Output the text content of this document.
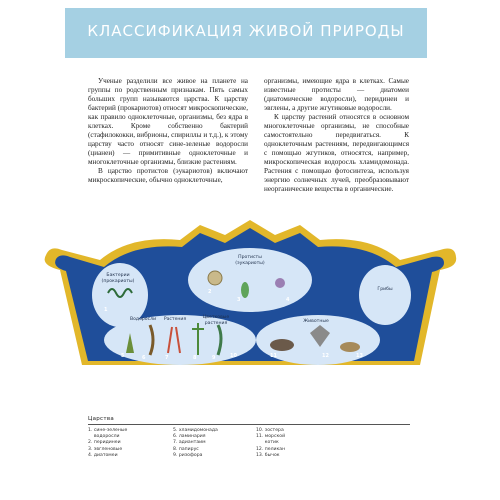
КЛАССИФИКАЦИЯ ЖИВОЙ ПРИРОДЫ

Ученые разделили все живое на планете на группы по родственным признакам. Пять самых больших групп называются царства. К царству бактерий (прокариотов) относят микроскопические, как правило одноклеточные, организмы, без ядра в клетках. Кроме собственно бактерий (стафилококки, вибрионы, спириллы и т.д.), к этому царству часто относят сине-зеленые водоросли (цианеи) — примитивные одноклеточные и многоклеточные организмы, близкие растениям.

В царство протистов (эукариотов) включают микроскопические, обычно одноклеточные,

организмы, имеющие ядра в клетках. Самые известные протисты — диатомеи (диатомические водоросли), перидинеи и эвглены, а другие жгутиковые водоросли.

К царству растений относятся в основном многоклеточные организмы, не способные самостоятельно передвигаться. К одноклеточным растениям, передвигающимся с помощью жгутиков, относятся, например, микроскопическая водоросль хламидомонада. Растения с помощью фотосинтеза, используя энергию солнечных лучей, преобразовывают неорганические вещества в органические.

Бактерии (прокариоты)
Протисты (эукариоты)
Грибы
Водоросли	Растения	Цветковые растения	Животные
1
2
3	4
5	6	7	8	9	10	11	12	13
Царства
1. сине-зеленые
водоросли
2. перидинеи
3. эвгленовые
4. диатомеи
5. хламидомонада
6. ламинария
7. адиантаим
8. папирус
9. ризофора
10. зостера
11. морской
котик
12. пеликан
13. бычок
